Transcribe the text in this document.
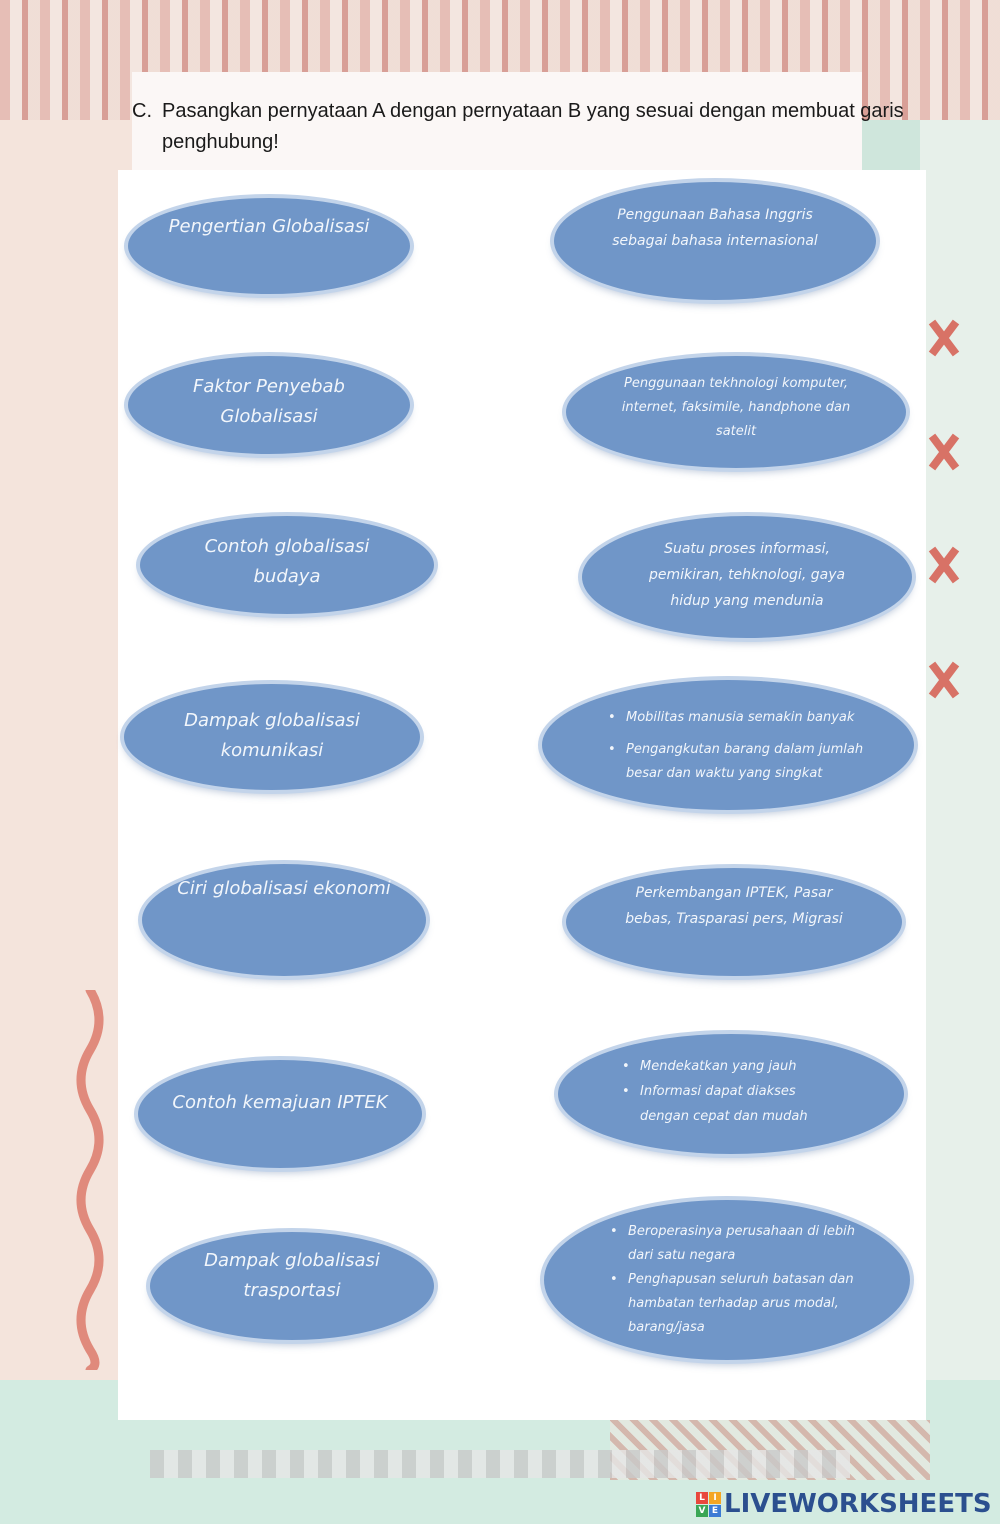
C. Pasangkan pernyataan A dengan pernyataan B yang sesuai dengan membuat garis penghubung!
Pengertian Globalisasi
Faktor Penyebab
Globalisasi
Contoh globalisasi
budaya
Dampak globalisasi
komunikasi
Ciri globalisasi ekonomi
Contoh kemajuan IPTEK
Dampak globalisasi
trasportasi
Penggunaan Bahasa Inggris
sebagai bahasa internasional
Penggunaan tekhnologi komputer,
internet, faksimile, handphone dan
satelit
Suatu proses informasi,
pemikiran, tehknologi, gaya
hidup yang mendunia
• Mobilitas manusia semakin banyak
• Pengangkutan barang dalam jumlah besar dan waktu yang singkat
Perkembangan IPTEK, Pasar
bebas, Trasparasi pers, Migrasi
• Mendekatkan yang jauh
• Informasi dapat diakses dengan cepat dan mudah
• Beroperasinya perusahaan di lebih dari satu negara
• Penghapusan seluruh batasan dan hambatan terhadap arus modal, barang/jasa
L I
V E LIVEWORKSHEETS
